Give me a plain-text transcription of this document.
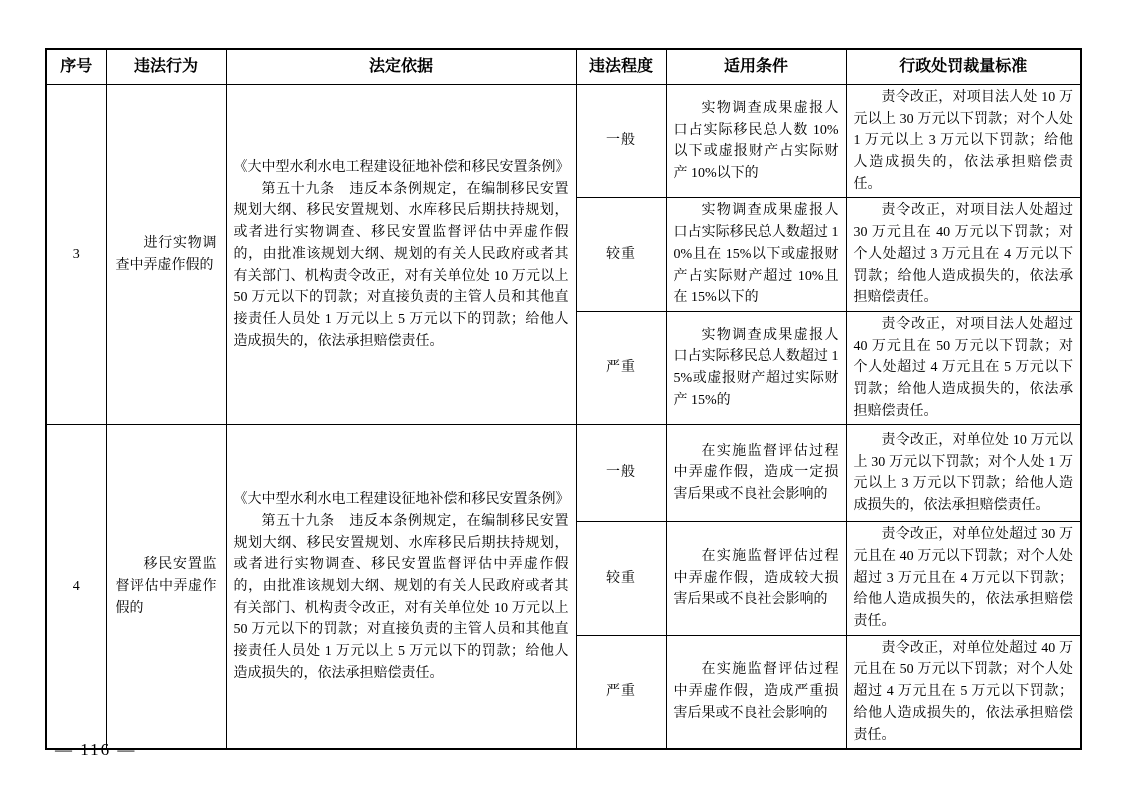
序号	违法行为	法定依据	违法程度	适用条件	行政处罚裁量标准
3	进行实物调查中弄虚作假的	《大中型水利水电工程建设征地补偿和移民安置条例》
第五十九条　违反本条例规定，在编制移民安置规划大纲、移民安置规划、水库移民后期扶持规划，或者进行实物调查、移民安置监督评估中弄虚作假的，由批准该规划大纲、规划的有关人民政府或者其有关部门、机构责令改正，对有关单位处 10 万元以上 50 万元以下的罚款；对直接负责的主管人员和其他直接责任人员处 1 万元以上 5 万元以下的罚款；给他人造成损失的，依法承担赔偿责任。	一般	实物调查成果虚报人口占实际移民总人数 10%以下或虚报财产占实际财产 10%以下的	责令改正，对项目法人处 10 万元以上 30 万元以下罚款；对个人处 1 万元以上 3 万元以下罚款；给他人造成损失的，依法承担赔偿责任。

			较重	实物调查成果虚报人口占实际移民总人数超过 10%且在 15%以下或虚报财产占实际财产超过 10%且在 15%以下的	责令改正，对项目法人处超过 30 万元且在 40 万元以下罚款；对个人处超过 3 万元且在 4 万元以下罚款；给他人造成损失的，依法承担赔偿责任。

			严重	实物调查成果虚报人口占实际移民总人数超过 15%或虚报财产超过实际财产 15%的	责令改正，对项目法人处超过 40 万元且在 50 万元以下罚款；对个人处超过 4 万元且在 5 万元以下罚款；给他人造成损失的，依法承担赔偿责任。

4	移民安置监督评估中弄虚作假的	《大中型水利水电工程建设征地补偿和移民安置条例》
第五十九条　违反本条例规定，在编制移民安置规划大纲、移民安置规划、水库移民后期扶持规划，或者进行实物调查、移民安置监督评估中弄虚作假的，由批准该规划大纲、规划的有关人民政府或者其有关部门、机构责令改正，对有关单位处 10 万元以上 50 万元以下的罚款；对直接负责的主管人员和其他直接责任人员处 1 万元以上 5 万元以下的罚款；给他人造成损失的，依法承担赔偿责任。	一般	在实施监督评估过程中弄虚作假，造成一定损害后果或不良社会影响的	责令改正，对单位处 10 万元以上 30 万元以下罚款；对个人处 1 万元以上 3 万元以下罚款；给他人造成损失的，依法承担赔偿责任。

			较重	在实施监督评估过程中弄虚作假，造成较大损害后果或不良社会影响的	责令改正，对单位处超过 30 万元且在 40 万元以下罚款；对个人处超过 3 万元且在 4 万元以下罚款；给他人造成损失的，依法承担赔偿责任。

			严重	在实施监督评估过程中弄虚作假，造成严重损害后果或不良社会影响的	责令改正，对单位处超过 40 万元且在 50 万元以下罚款；对个人处超过 4 万元且在 5 万元以下罚款；给他人造成损失的，依法承担赔偿责任。
— 116 —
